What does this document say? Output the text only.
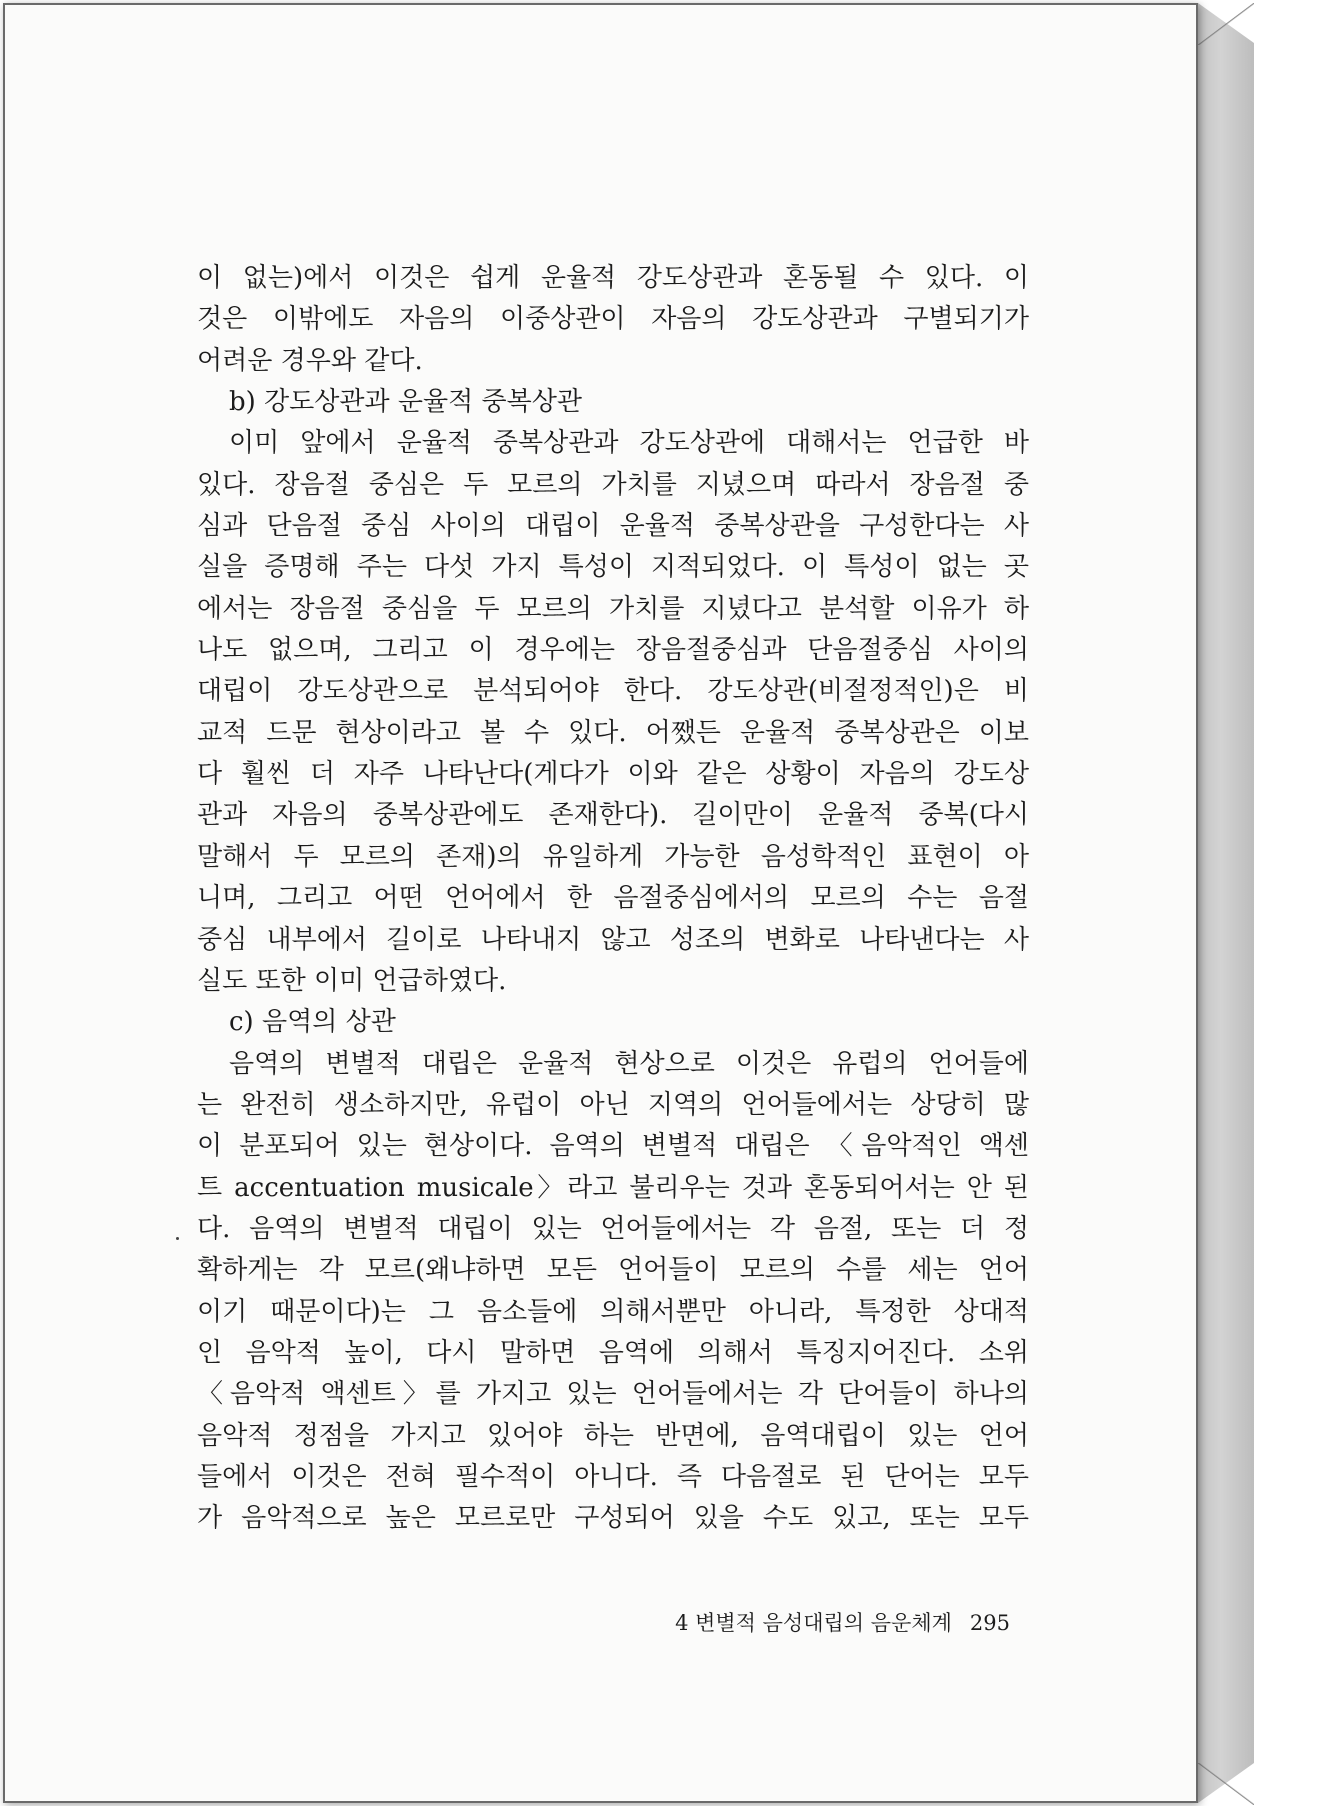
이 없는)에서 이것은 쉽게 운율적 강도상관과 혼동될 수 있다. 이
것은 이밖에도 자음의 이중상관이 자음의 강도상관과 구별되기가
어려운 경우와 같다.
b) 강도상관과 운율적 중복상관
이미 앞에서 운율적 중복상관과 강도상관에 대해서는 언급한 바
있다. 장음절 중심은 두 모르의 가치를 지녔으며 따라서 장음절 중
심과 단음절 중심 사이의 대립이 운율적 중복상관을 구성한다는 사
실을 증명해 주는 다섯 가지 특성이 지적되었다. 이 특성이 없는 곳
에서는 장음절 중심을 두 모르의 가치를 지녔다고 분석할 이유가 하
나도 없으며, 그리고 이 경우에는 장음절중심과 단음절중심 사이의
대립이 강도상관으로 분석되어야 한다. 강도상관(비절정적인)은 비
교적 드문 현상이라고 볼 수 있다. 어쨌든 운율적 중복상관은 이보
다 훨씬 더 자주 나타난다(게다가 이와 같은 상황이 자음의 강도상
관과 자음의 중복상관에도 존재한다). 길이만이 운율적 중복(다시
말해서 두 모르의 존재)의 유일하게 가능한 음성학적인 표현이 아
니며, 그리고 어떤 언어에서 한 음절중심에서의 모르의 수는 음절
중심 내부에서 길이로 나타내지 않고 성조의 변화로 나타낸다는 사
실도 또한 이미 언급하였다.
c) 음역의 상관
음역의 변별적 대립은 운율적 현상으로 이것은 유럽의 언어들에
는 완전히 생소하지만, 유럽이 아닌 지역의 언어들에서는 상당히 많
이 분포되어 있는 현상이다. 음역의 변별적 대립은 〈음악적인 액센
트 accentuation musicale〉라고 불리우는 것과 혼동되어서는 안 된
다. 음역의 변별적 대립이 있는 언어들에서는 각 음절, 또는 더 정
확하게는 각 모르(왜냐하면 모든 언어들이 모르의 수를 세는 언어
이기 때문이다)는 그 음소들에 의해서뿐만 아니라, 특정한 상대적
인 음악적 높이, 다시 말하면 음역에 의해서 특징지어진다. 소위
〈음악적 액센트〉를 가지고 있는 언어들에서는 각 단어들이 하나의
음악적 정점을 가지고 있어야 하는 반면에, 음역대립이 있는 언어
들에서 이것은 전혀 필수적이 아니다. 즉 다음절로 된 단어는 모두
가 음악적으로 높은 모르로만 구성되어 있을 수도 있고, 또는 모두
4 변별적 음성대립의 음운체계 295
